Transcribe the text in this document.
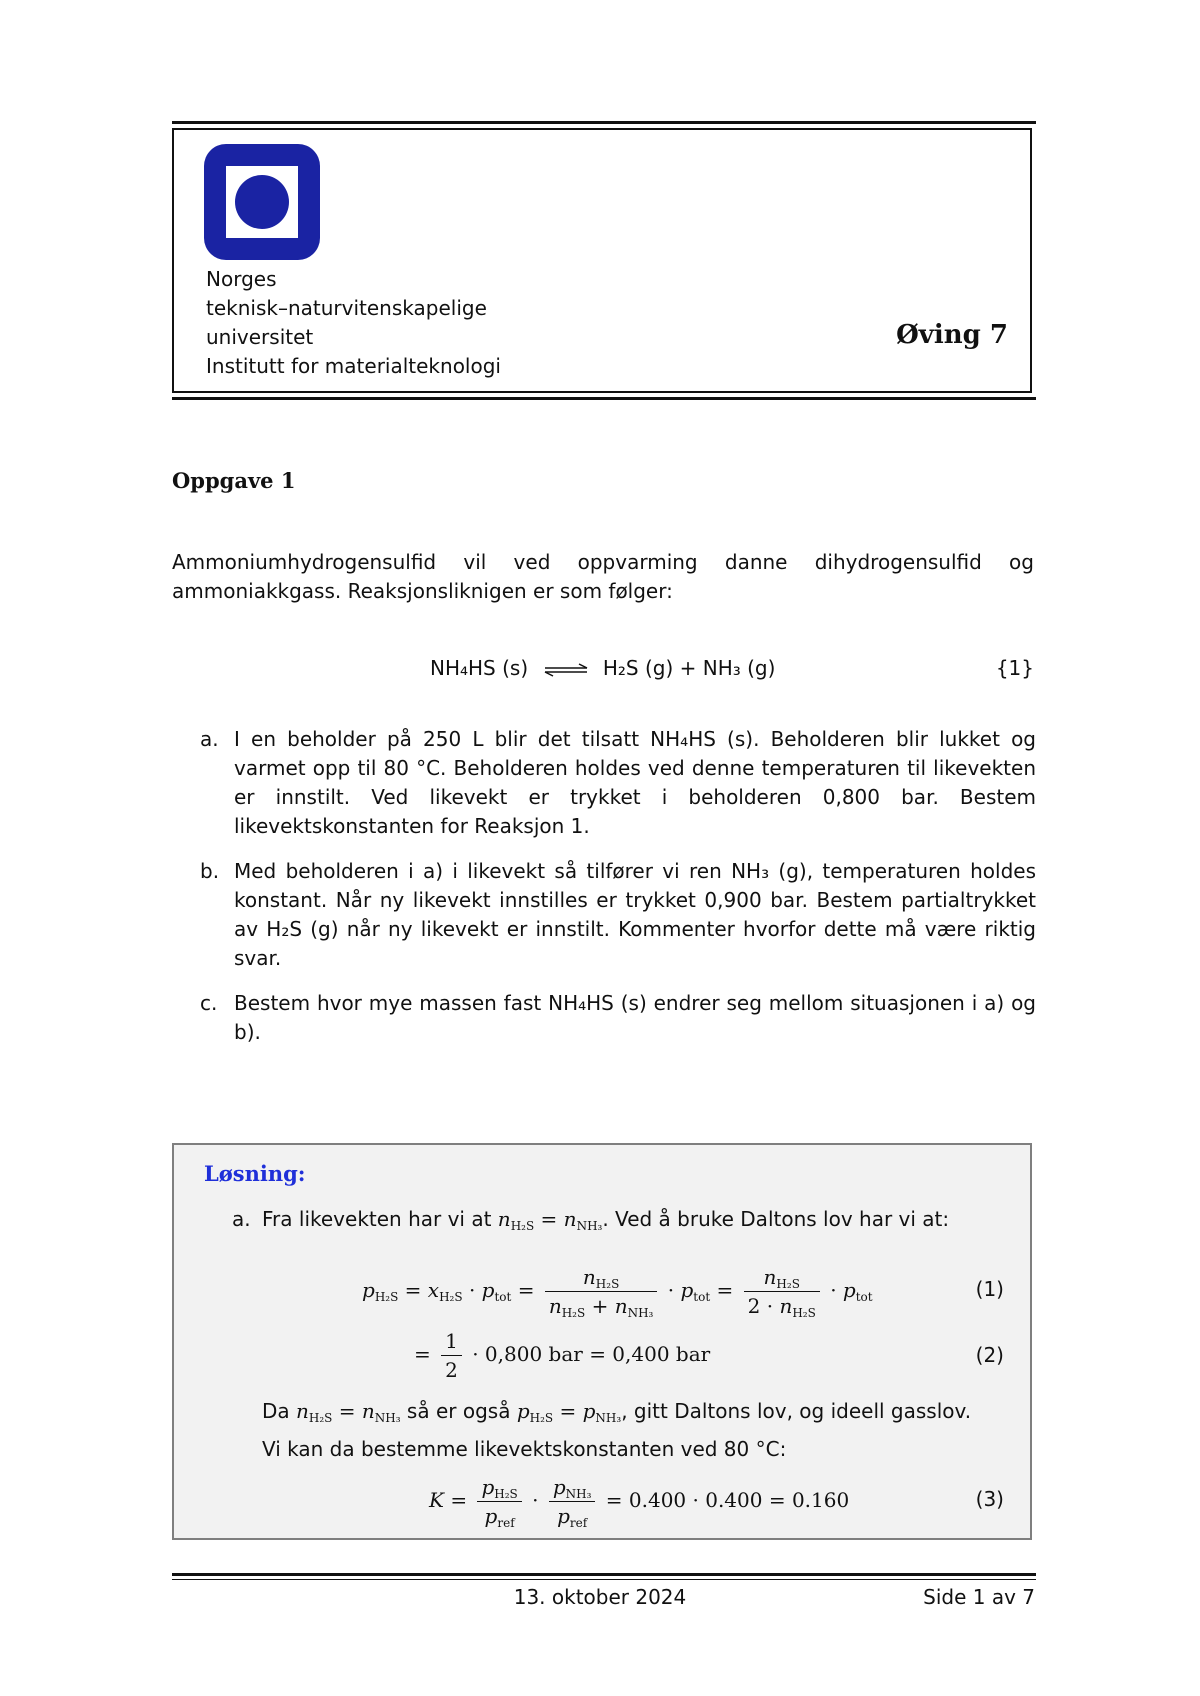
Norges
teknisk–naturvitenskapelige
universitet
Institutt for materialteknologi
Øving 7
Oppgave 1
Ammoniumhydrogensulfid vil ved oppvarming danne dihydrogensulfid og ammoniakkgass. Reaksjonsliknigen er som følger:
NH₄HS (s) ⇌ H₂S (g) + NH₃ (g)	{1}
a. I en beholder på 250 L blir det tilsatt NH₄HS (s). Beholderen blir lukket og varmet opp til 80 °C. Beholderen holdes ved denne temperaturen til likevekten er innstilt. Ved likevekt er trykket i beholderen 0,800 bar. Bestem likevektskonstanten for Reaksjon 1.
b. Med beholderen i a) i likevekt så tilfører vi ren NH₃ (g), temperaturen holdes konstant. Når ny likevekt innstilles er trykket 0,900 bar. Bestem partialtrykket av H₂S (g) når ny likevekt er innstilt. Kommenter hvorfor dette må være riktig svar.
c. Bestem hvor mye massen fast NH₄HS (s) endrer seg mellom situasjonen i a) og b).
Løsning:
a. Fra likevekten har vi at $n_{H_2S} = n_{NH_3}$. Ved å bruke Daltons lov har vi at:
$p_{H_2S} = x_{H_2S} \cdot p_{tot} = \frac{n_{H_2S}}{n_{H_2S} + n_{NH_3}} \cdot p_{tot} = \frac{n_{H_2S}}{2 \cdot n_{H_2S}} \cdot p_{tot}$	(1)
= $\frac{1}{2} \cdot 0,800$ bar = 0,400 bar	(2)
Da $n_{H_2S} = n_{NH_3}$ så er også $p_{H_2S} = p_{NH_3}$, gitt Daltons lov, og ideell gasslov.
Vi kan da bestemme likevektskonstanten ved 80 °C:
$K = \frac{p_{H_2S}}{p_{ref}} \cdot \frac{p_{NH_3}}{p_{ref}} = 0.400 \cdot 0.400 = 0.160$	(3)
13. oktober 2024	Side 1 av 7
